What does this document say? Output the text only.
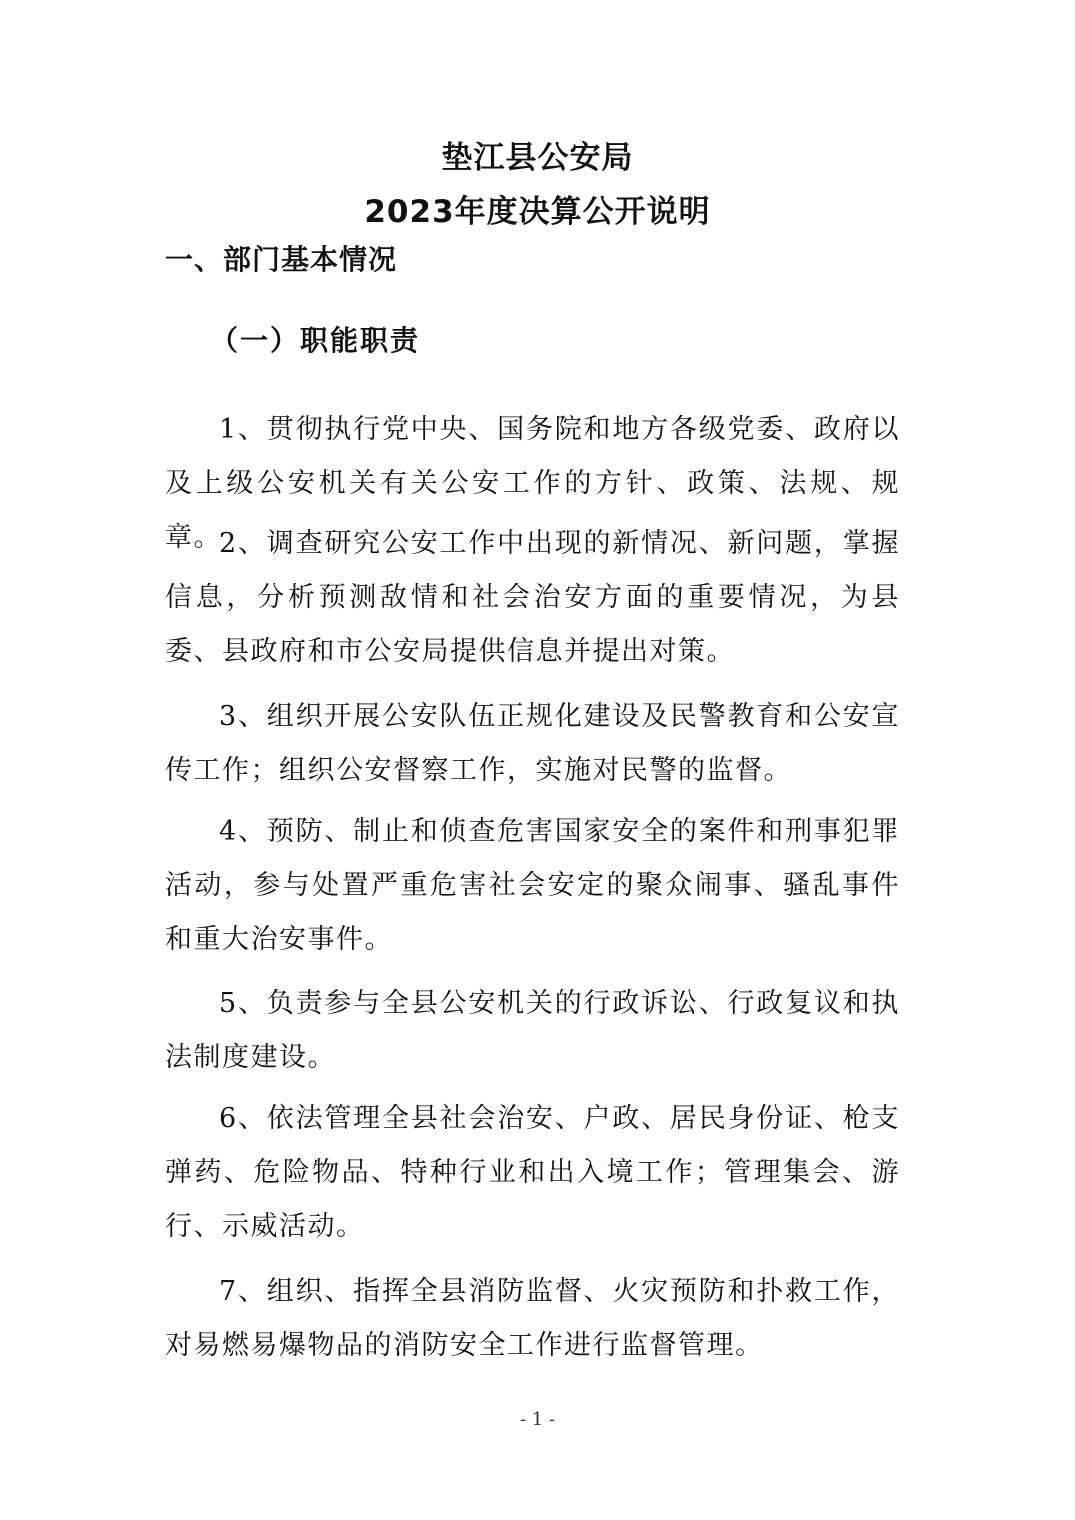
垫江县公安局
2023年度决算公开说明
一、部门基本情况
（一）职能职责

1、贯彻执行党中央、国务院和地方各级党委、政府以及上级公安机关有关公安工作的方针、政策、法规、规章。

2、调查研究公安工作中出现的新情况、新问题，掌握信息，分析预测敌情和社会治安方面的重要情况，为县委、县政府和市公安局提供信息并提出对策。

3、组织开展公安队伍正规化建设及民警教育和公安宣传工作；组织公安督察工作，实施对民警的监督。

4、预防、制止和侦查危害国家安全的案件和刑事犯罪活动，参与处置严重危害社会安定的聚众闹事、骚乱事件和重大治安事件。

5、负责参与全县公安机关的行政诉讼、行政复议和执法制度建设。

6、依法管理全县社会治安、户政、居民身份证、枪支弹药、危险物品、特种行业和出入境工作；管理集会、游行、示威活动。

7、组织、指挥全县消防监督、火灾预防和扑救工作，对易燃易爆物品的消防安全工作进行监督管理。

- 1 -
